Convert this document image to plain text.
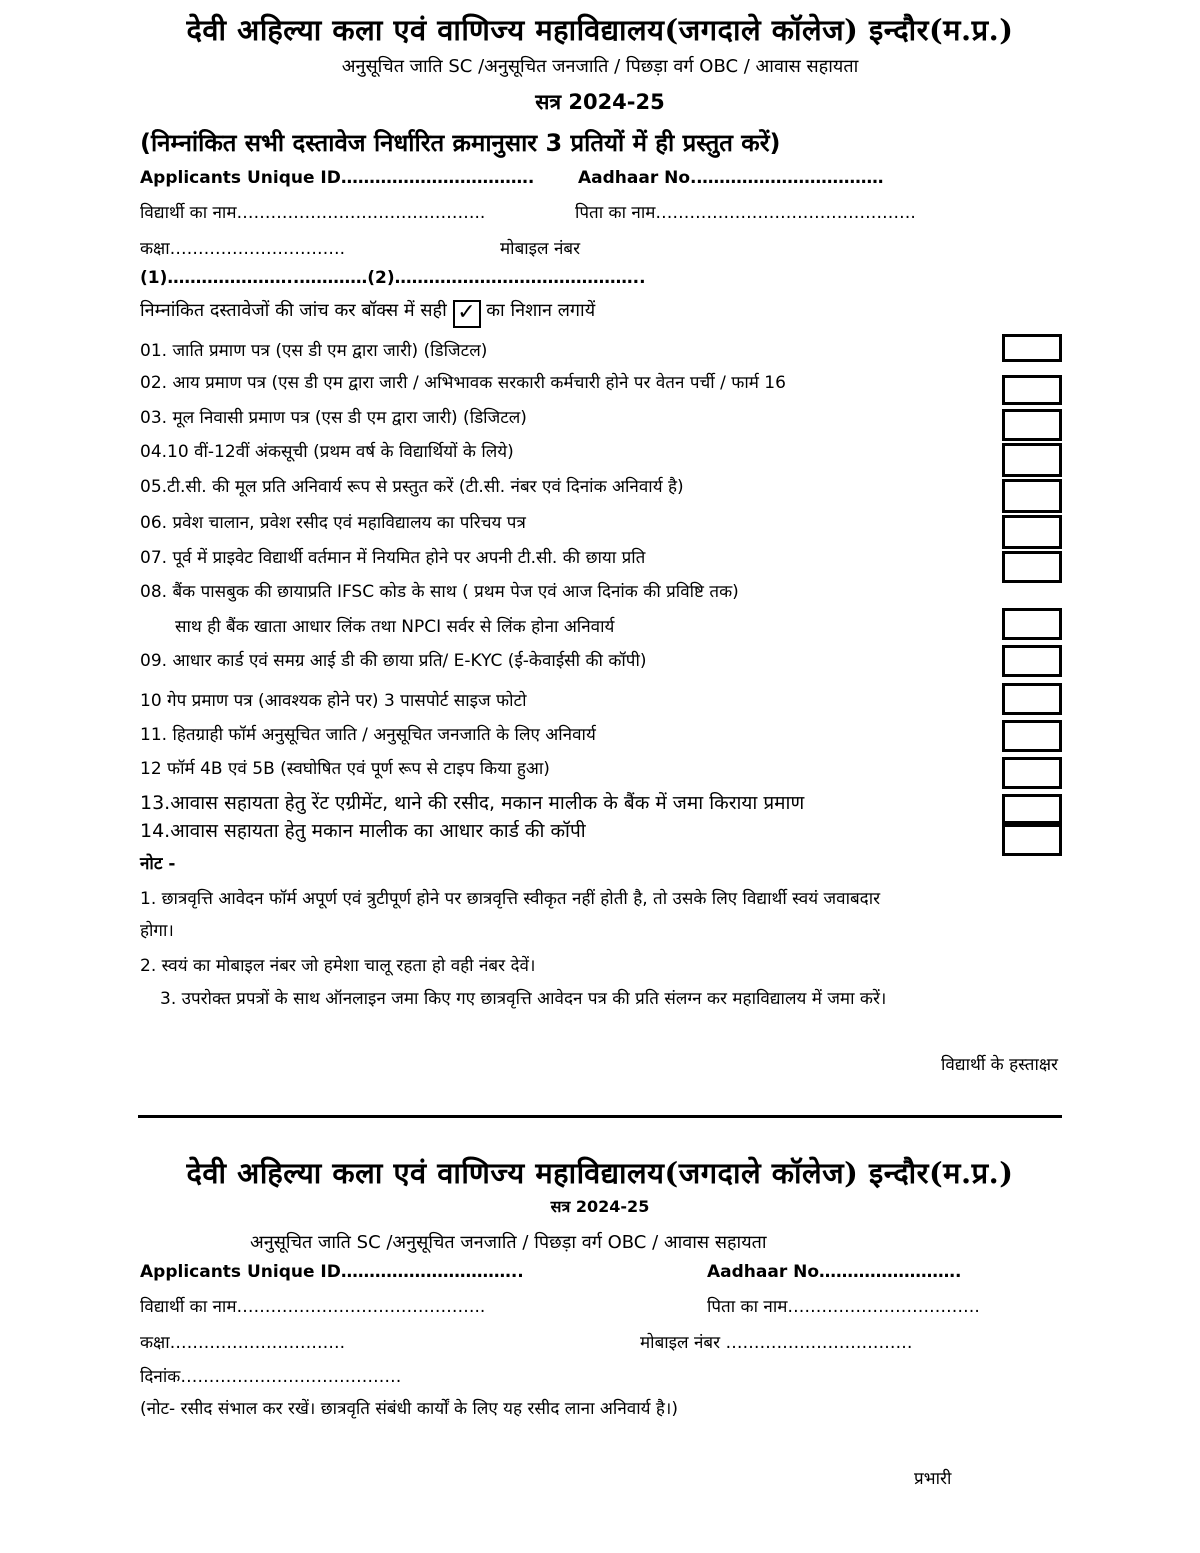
देवी अहिल्या कला एवं वाणिज्य महाविद्यालय(जगदाले कॉलेज) इन्दौर(म.प्र.)
अनुसूचित जाति SC /अनुसूचित जनजाति / पिछड़ा वर्ग OBC / आवास सहायता
सत्र 2024-25
(निम्नांकित सभी दस्तावेज निर्धारित क्रमानुसार 3 प्रतियों में ही प्रस्तुत करें)
Applicants Unique ID…………………………….	Aadhaar No.……………………………
विद्यार्थी का नाम……………………………………..	पिता का नाम……………………………………….
कक्षा………………………….	मोबाइल नंबर
(1)…………………..…………(2)……………………………………..
निम्नांकित दस्तावेजों की जांच कर बॉक्स में सही ✓ का निशान लगायें
01. जाति प्रमाण पत्र (एस डी एम द्वारा जारी) (डिजिटल)
02. आय प्रमाण पत्र (एस डी एम द्वारा जारी / अभिभावक सरकारी कर्मचारी होने पर वेतन पर्ची / फार्म 16
03. मूल निवासी प्रमाण पत्र (एस डी एम द्वारा जारी) (डिजिटल)
04.10 वीं-12वीं अंकसूची (प्रथम वर्ष के विद्यार्थियों के लिये)
05.टी.सी. की मूल प्रति अनिवार्य रूप से प्रस्तुत करें (टी.सी. नंबर एवं दिनांक अनिवार्य है)
06. प्रवेश चालान, प्रवेश रसीद एवं महाविद्यालय का परिचय पत्र
07. पूर्व में प्राइवेट विद्यार्थी वर्तमान में नियमित होने पर अपनी टी.सी. की छाया प्रति
08. बैंक पासबुक की छायाप्रति IFSC कोड के साथ ( प्रथम पेज एवं आज दिनांक की प्रविष्टि तक)
साथ ही बैंक खाता आधार लिंक तथा NPCI सर्वर से लिंक होना अनिवार्य
09. आधार कार्ड एवं समग्र आई डी की छाया प्रति/ E-KYC (ई-केवाईसी की कॉपी)
10 गेप प्रमाण पत्र (आवश्यक होने पर) 3 पासपोर्ट साइज फोटो
11. हितग्राही फॉर्म अनुसूचित जाति / अनुसूचित जनजाति के लिए अनिवार्य
12 फॉर्म 4B एवं 5B (स्वघोषित एवं पूर्ण रूप से टाइप किया हुआ)
13.आवास सहायता हेतु रेंट एग्रीमेंट, थाने की रसीद, मकान मालीक के बैंक में जमा किराया प्रमाण
14.आवास सहायता हेतु मकान मालीक का आधार कार्ड की कॉपी
नोट -
1. छात्रवृत्ति आवेदन फॉर्म अपूर्ण एवं त्रुटीपूर्ण होने पर छात्रवृत्ति स्वीकृत नहीं होती है, तो उसके लिए विद्यार्थी स्वयं जवाबदार
होगा।
2. स्वयं का मोबाइल नंबर जो हमेशा चालू रहता हो वही नंबर देवें।
3. उपरोक्त प्रपत्रों के साथ ऑनलाइन जमा किए गए छात्रवृत्ति आवेदन पत्र की प्रति संलग्न कर महाविद्यालय में जमा करें।
विद्यार्थी के हस्ताक्षर
देवी अहिल्या कला एवं वाणिज्य महाविद्यालय(जगदाले कॉलेज) इन्दौर(म.प्र.)
सत्र 2024-25
अनुसूचित जाति SC /अनुसूचित जनजाति / पिछड़ा वर्ग OBC / आवास सहायता
Applicants Unique ID…………………………..	Aadhaar No…………………….
विद्यार्थी का नाम……………………………………..	पिता का नाम…………………………….
कक्षा………………………….	मोबाइल नंबर ……………………………
दिनांक…………………………………
(नोट- रसीद संभाल कर रखें। छात्रवृति संबंधी कार्यों के लिए यह रसीद लाना अनिवार्य है।)
प्रभारी
